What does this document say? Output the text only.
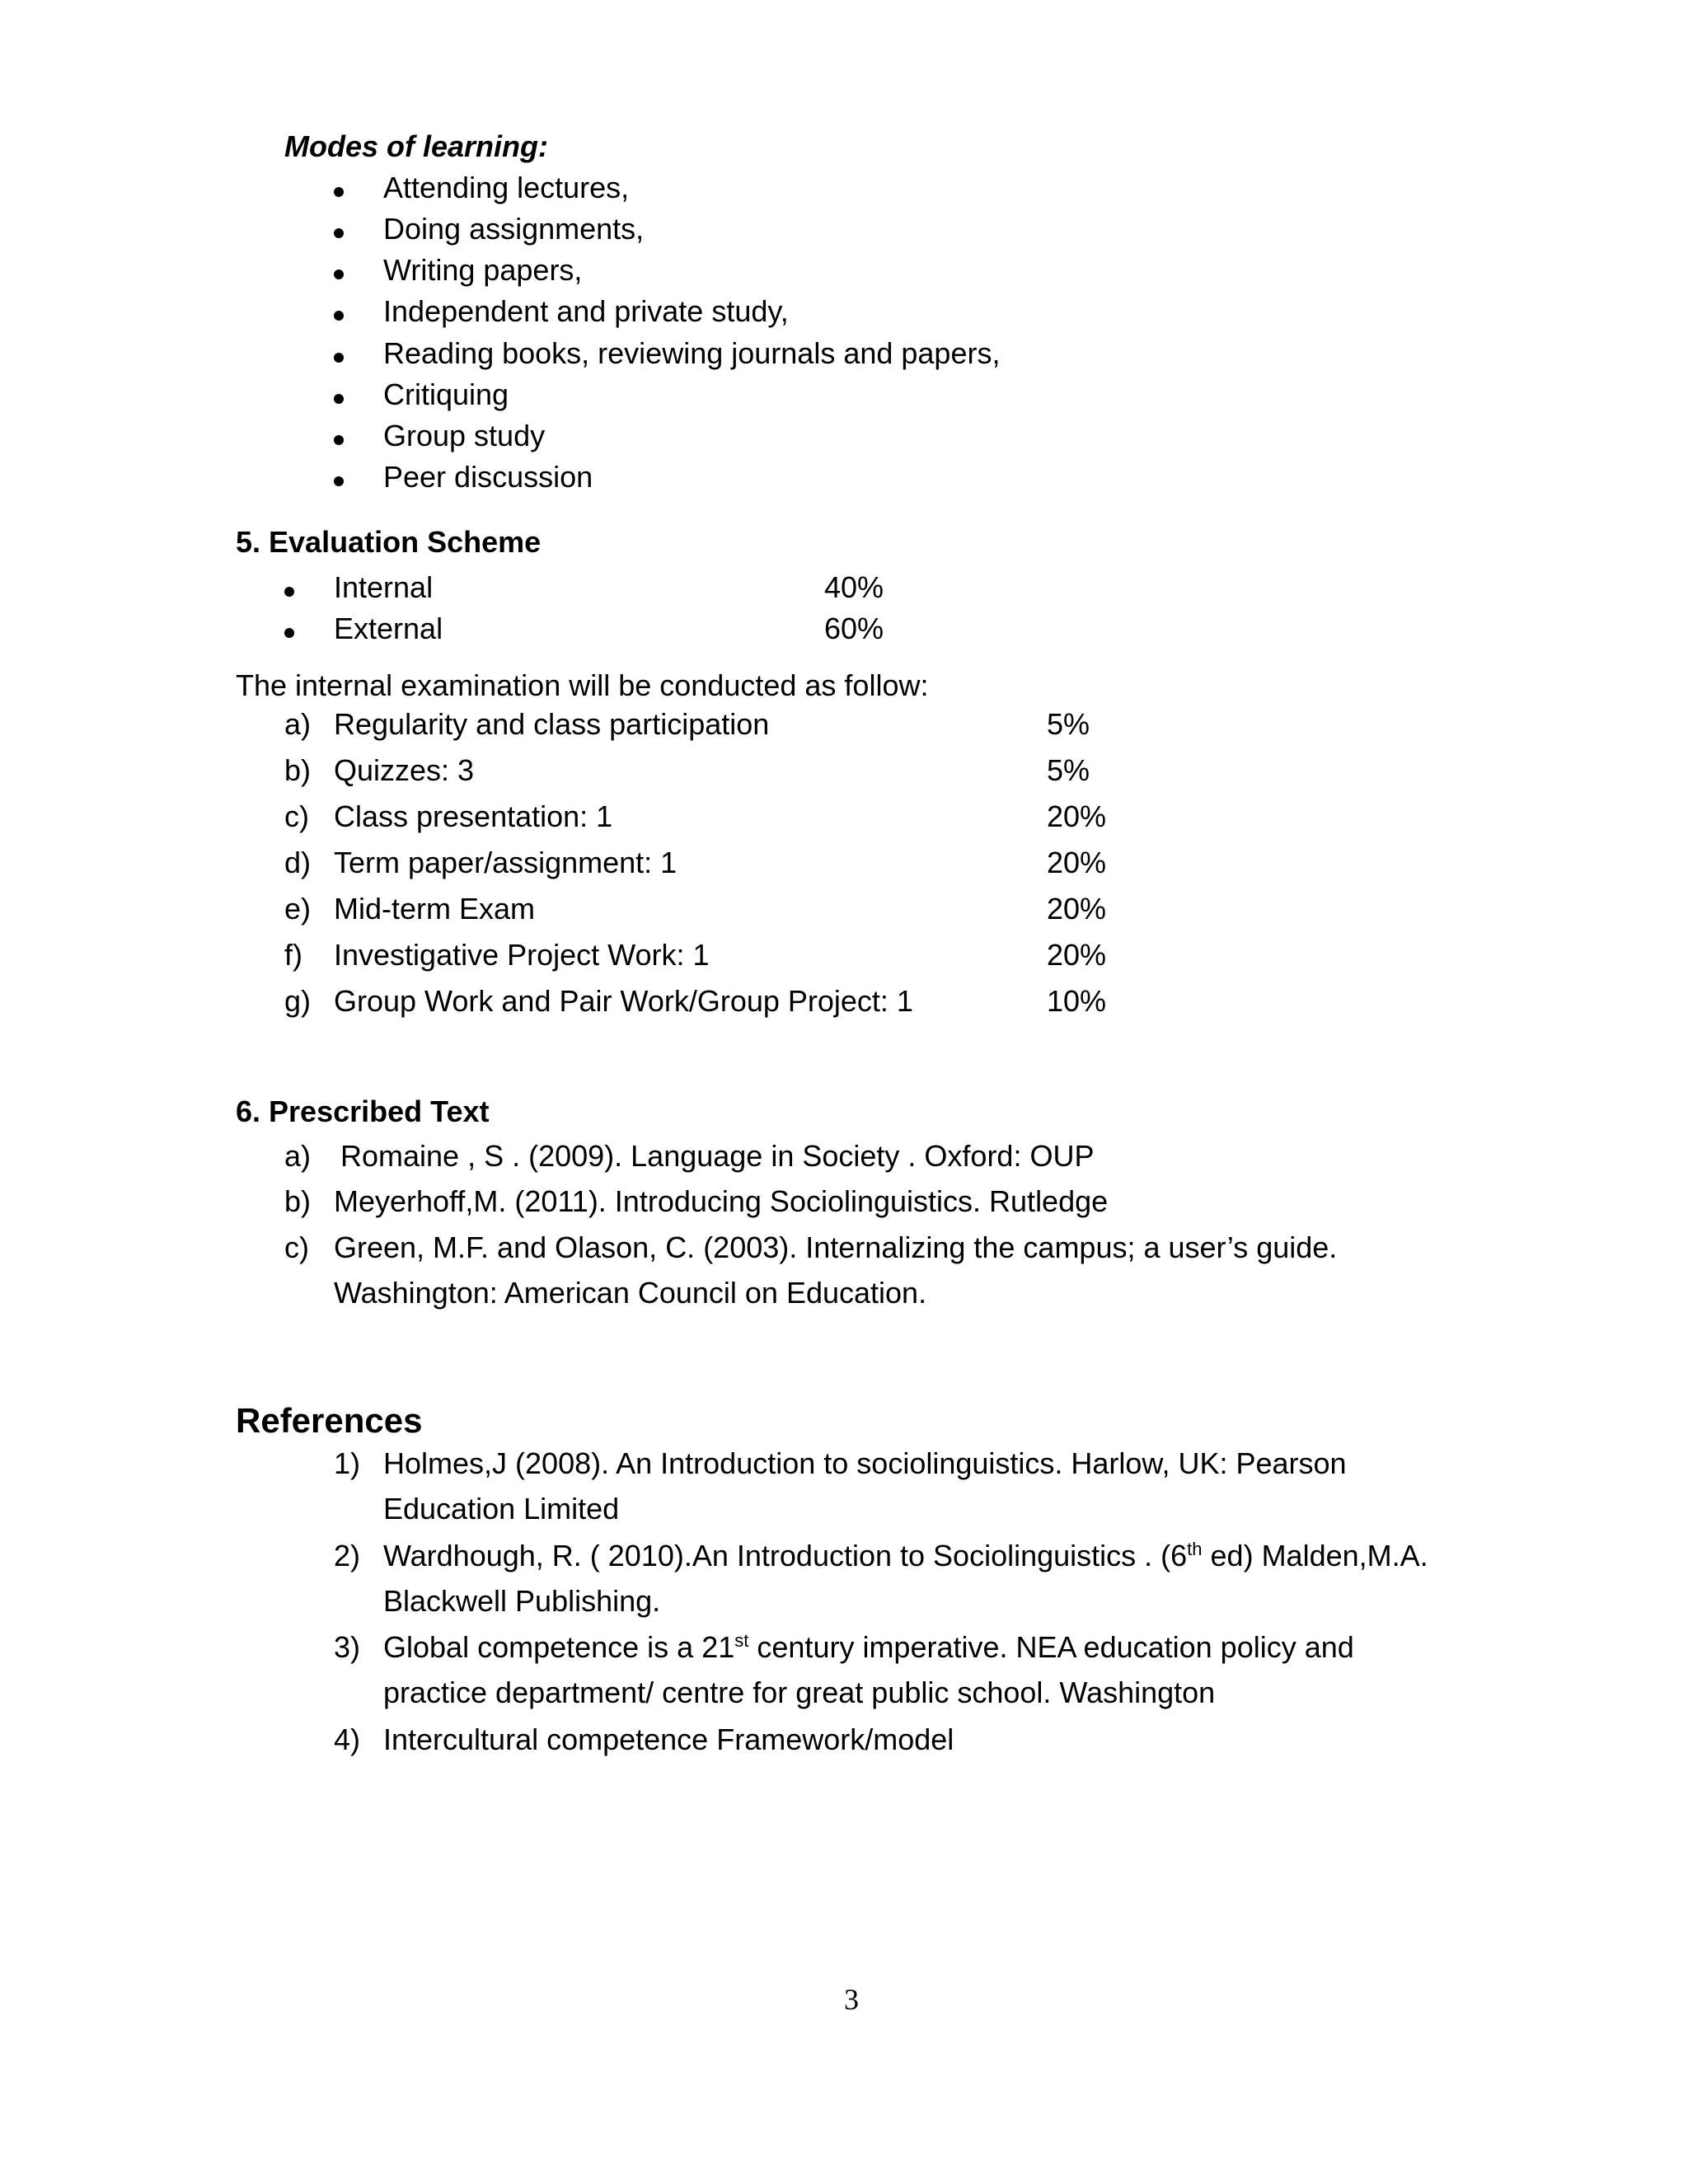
Modes of learning:
Attending lectures,
Doing assignments,
Writing papers,
Independent and private study,
Reading books, reviewing journals and papers,
Critiquing
Group study
Peer discussion
5. Evaluation Scheme
Internal	40%
External	60%
The internal examination will be conducted as follow:
a) Regularity and class participation	5%
b) Quizzes: 3	5%
c) Class presentation: 1	20%
d) Term paper/assignment: 1	20%
e) Mid-term Exam	20%
f) Investigative Project Work: 1	20%
g) Group Work and Pair Work/Group Project: 1	10%
6. Prescribed Text
a) Romaine , S . (2009). Language in Society . Oxford: OUP
b) Meyerhoff,M. (2011). Introducing Sociolinguistics. Rutledge
c) Green, M.F. and Olason, C. (2003). Internalizing the campus; a user’s guide.
Washington: American Council on Education.
References
1) Holmes,J (2008). An Introduction to sociolinguistics. Harlow, UK: Pearson
Education Limited
2) Wardhough, R. ( 2010).An Introduction to Sociolinguistics . (6th ed) Malden,M.A.
Blackwell Publishing.
3) Global competence is a 21st century imperative. NEA education policy and
practice department/ centre for great public school. Washington
4) Intercultural competence Framework/model
3
